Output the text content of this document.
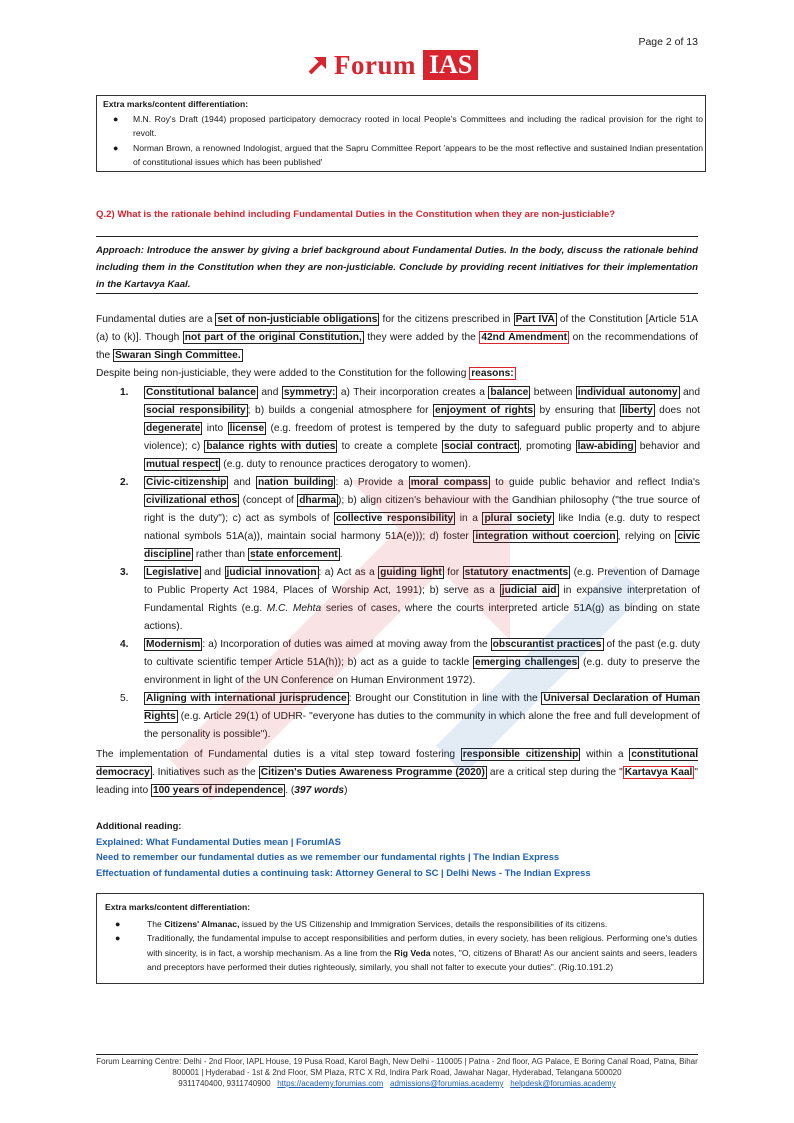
Page 2 of 13
Forum IAS
Extra marks/content differentiation:
● M.N. Roy's Draft (1944) proposed participatory democracy rooted in local People's Committees and including the radical provision for the right to revolt.
● Norman Brown, a renowned Indologist, argued that the Sapru Committee Report 'appears to be the most reflective and sustained Indian presentation of constitutional issues which has been published'
Q.2) What is the rationale behind including Fundamental Duties in the Constitution when they are non-justiciable?
Approach: Introduce the answer by giving a brief background about Fundamental Duties. In the body, discuss the rationale behind including them in the Constitution when they are non-justiciable. Conclude by providing recent initiatives for their implementation in the Kartavya Kaal.
Fundamental duties are a set of non-justiciable obligations for the citizens prescribed in Part IVA of the Constitution [Article 51A (a) to (k)]. Though not part of the original Constitution, they were added by the 42nd Amendment on the recommendations of the Swaran Singh Committee.
Despite being non-justiciable, they were added to the Constitution for the following reasons:
1. Constitutional balance and symmetry: a) Their incorporation creates a balance between individual autonomy and social responsibility ; b) builds a congenial atmosphere for enjoyment of rights by ensuring that liberty does not degenerate into license (e.g. freedom of protest is tempered by the duty to safeguard public property and to abjure violence); c) balance rights with duties to create a complete social contract , promoting law-abiding behavior and mutual respect (e.g. duty to renounce practices derogatory to women).
2. Civic-citizenship and nation building : a) Provide a moral compass to guide public behavior and reflect India's civilizational ethos (concept of dharma ); b) align citizen's behaviour with the Gandhian philosophy ("the true source of right is the duty"); c) act as symbols of collective responsibility in a plural society like India (e.g. duty to respect national symbols 51A(a)), maintain social harmony 51A(e))); d) foster integration without coercion , relying on civic discipline rather than state enforcement .
3. Legislative and judicial innovation : a) Act as a guiding light for statutory enactments (e.g. Prevention of Damage to Public Property Act 1984, Places of Worship Act, 1991); b) serve as a judicial aid in expansive interpretation of Fundamental Rights (e.g. M.C. Mehta series of cases, where the courts interpreted article 51A(g) as binding on state actions).
4. Modernism : a) Incorporation of duties was aimed at moving away from the obscurantist practices of the past (e.g. duty to cultivate scientific temper Article 51A(h)); b) act as a guide to tackle emerging challenges (e.g. duty to preserve the environment in light of the UN Conference on Human Environment 1972).
5. Aligning with international jurisprudence : Brought our Constitution in line with the Universal Declaration of Human Rights (e.g. Article 29(1) of UDHR- "everyone has duties to the community in which alone the free and full development of the personality is possible").
The implementation of Fundamental duties is a vital step toward fostering responsible citizenship within a constitutional democracy . Initiatives such as the Citizen's Duties Awareness Programme (2020) are a critical step during the " Kartavya Kaal " leading into 100 years of independence . (397 words)
Additional reading:
Explained: What Fundamental Duties mean | ForumIAS
Need to remember our fundamental duties as we remember our fundamental rights | The Indian Express
Effectuation of fundamental duties a continuing task: Attorney General to SC | Delhi News - The Indian Express
Extra marks/content differentiation:
● The Citizens' Almanac, issued by the US Citizenship and Immigration Services, details the responsibilities of its citizens.
● Traditionally, the fundamental impulse to accept responsibilities and perform duties, in every society, has been religious. Performing one's duties with sincerity, is in fact, a worship mechanism. As a line from the Rig Veda notes, "O, citizens of Bharat! As our ancient saints and seers, leaders and preceptors have performed their duties righteously, similarly, you shall not falter to execute your duties". (Rig.10.191.2)
Forum Learning Centre: Delhi - 2nd Floor, IAPL House, 19 Pusa Road, Karol Bagh, New Delhi - 110005 | Patna - 2nd floor, AG Palace, E Boring Canal Road, Patna, Bihar 800001 | Hyderabad - 1st & 2nd Floor, SM Plaza, RTC X Rd, Indira Park Road, Jawahar Nagar, Hyderabad, Telangana 500020
9311740400, 9311740900 https://academy.forumias.com admissions@forumias.academy helpdesk@forumias.academy
